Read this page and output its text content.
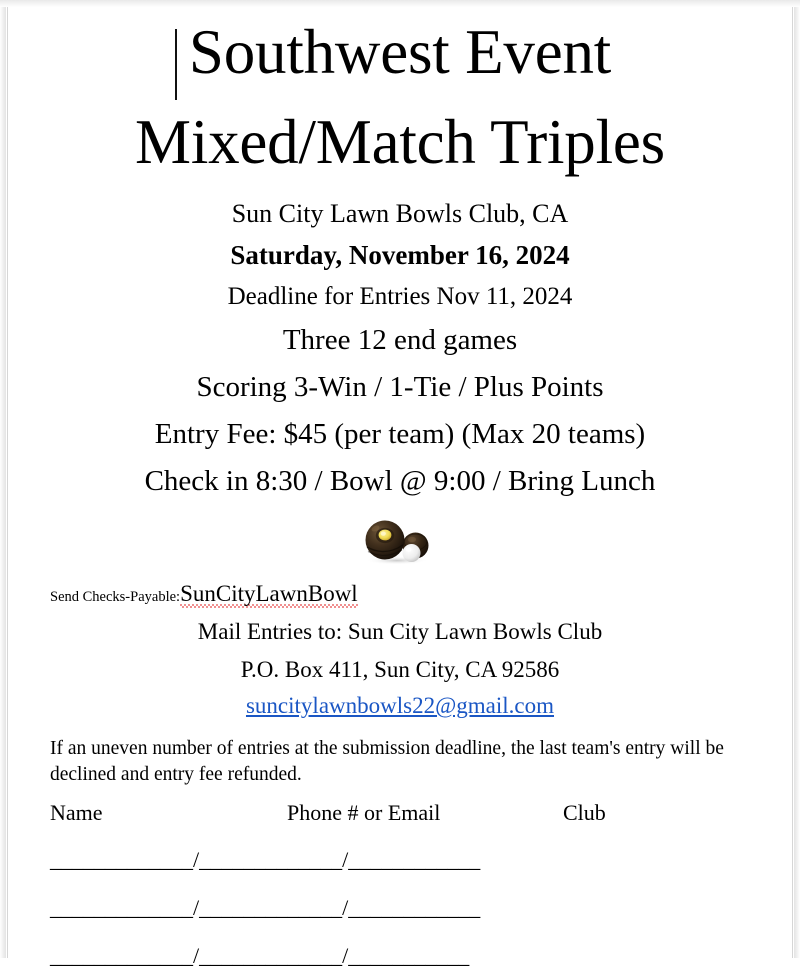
Southwest Event
Mixed/Match Triples
Sun City Lawn Bowls Club, CA
Saturday, November 16, 2024
Deadline for Entries Nov 11, 2024
Three 12 end games
Scoring 3-Win / 1-Tie / Plus Points
Entry Fee: $45 (per team) (Max 20 teams)
Check in 8:30 / Bowl @ 9:00 / Bring Lunch
Send Checks-Payable:SunCityLawnBowl
Mail Entries to: Sun City Lawn Bowls Club
P.O. Box 411, Sun City, CA 92586
suncitylawnbowls22@gmail.com
If an uneven number of entries at the submission deadline, the last team's entry will be declined and entry fee refunded.
Name	Phone # or Email	Club
_____________/_____________/____________
_____________/_____________/____________
_____________/_____________/___________
